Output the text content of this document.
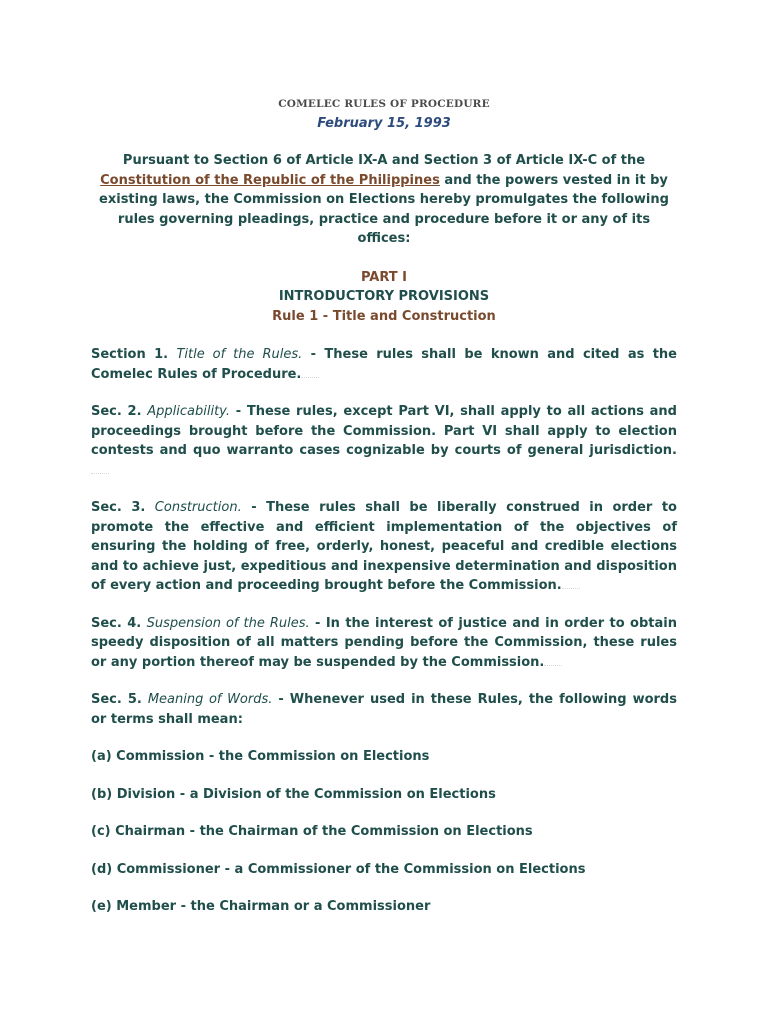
COMELEC RULES OF PROCEDURE
February 15, 1993

Pursuant to Section 6 of Article IX-A and Section 3 of Article IX-C of the Constitution of the Republic of the Philippines and the powers vested in it by existing laws, the Commission on Elections hereby promulgates the following rules governing pleadings, practice and procedure before it or any of its offices:

PART I
INTRODUCTORY PROVISIONS
Rule 1 - Title and Construction

Section 1. Title of the Rules. - These rules shall be known and cited as the Comelec Rules of Procedure.

Sec. 2. Applicability. - These rules, except Part VI, shall apply to all actions and proceedings brought before the Commission. Part VI shall apply to election contests and quo warranto cases cognizable by courts of general jurisdiction.

Sec. 3. Construction. - These rules shall be liberally construed in order to promote the effective and efficient implementation of the objectives of ensuring the holding of free, orderly, honest, peaceful and credible elections and to achieve just, expeditious and inexpensive determination and disposition of every action and proceeding brought before the Commission.

Sec. 4. Suspension of the Rules. - In the interest of justice and in order to obtain speedy disposition of all matters pending before the Commission, these rules or any portion thereof may be suspended by the Commission.

Sec. 5. Meaning of Words. - Whenever used in these Rules, the following words or terms shall mean:

(a) Commission - the Commission on Elections

(b) Division - a Division of the Commission on Elections

(c) Chairman - the Chairman of the Commission on Elections

(d) Commissioner - a Commissioner of the Commission on Elections

(e) Member - the Chairman or a Commissioner
